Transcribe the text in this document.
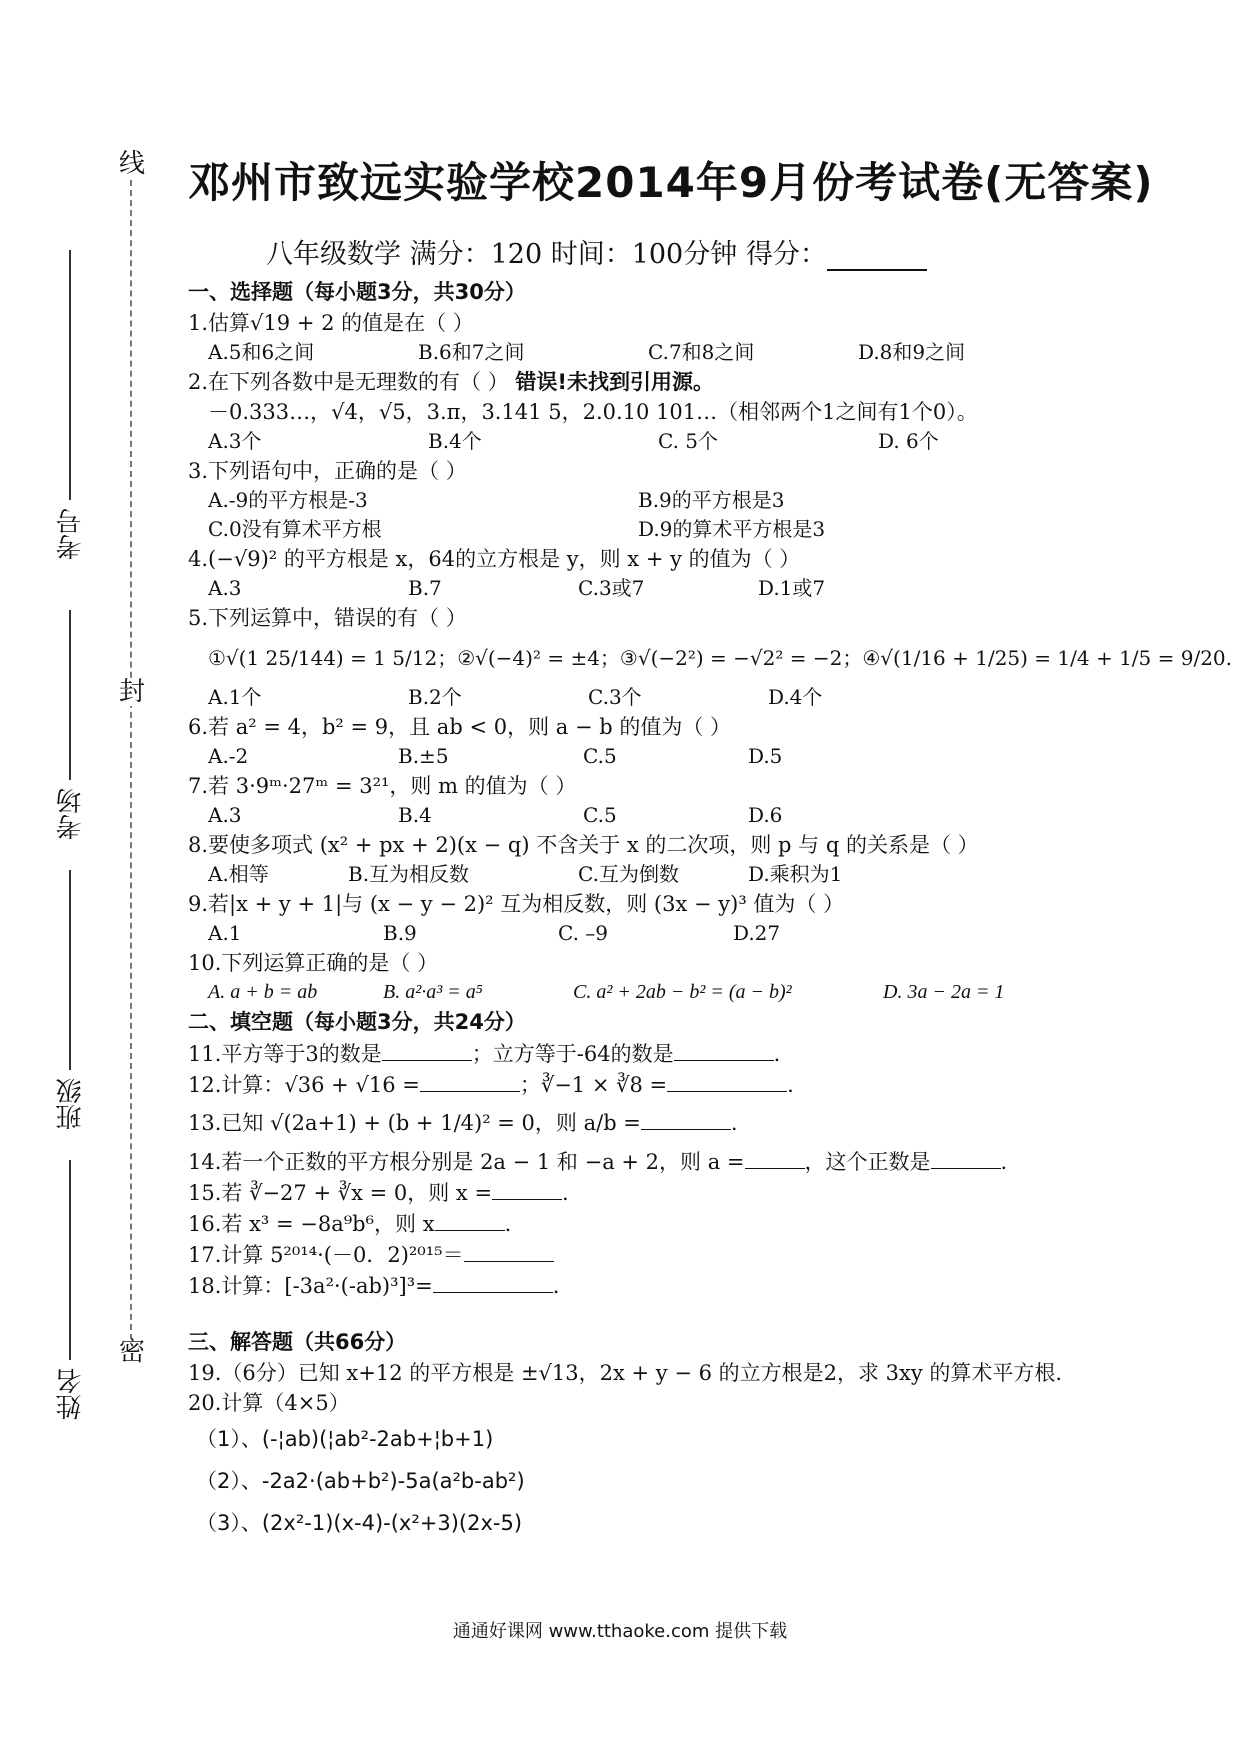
线
封
密
考号
考场
班级
姓名
邓州市致远实验学校2014年9月份考试卷(无答案)
八年级数学 满分：120 时间：100分钟 得分：
一、选择题（每小题3分，共30分）
1.估算√19 + 2 的值是在（ ）
A.5和6之间	B.6和7之间	C.7和8之间	D.8和9之间
2.在下列各数中是无理数的有（ ） 错误!未找到引用源。
－0.333…，√4，√5，3.π，3.141 5，2.0.10 101…（相邻两个1之间有1个0）。
A.3个	B.4个	C. 5个	D. 6个
3.下列语句中，正确的是（ ）
A.-9的平方根是-3	B.9的平方根是3
C.0没有算术平方根	D.9的算术平方根是3
4.(−√9)² 的平方根是 x，64的立方根是 y，则 x + y 的值为（ ）
A.3	B.7	C.3或7	D.1或7
5.下列运算中，错误的有（ ）
①√(1 25/144) = 1 5/12；②√(−4)² = ±4；③√(−2²) = −√2² = −2；④√(1/16 + 1/25) = 1/4 + 1/5 = 9/20.
A.1个	B.2个	C.3个	D.4个
6.若 a² = 4，b² = 9，且 ab < 0，则 a − b 的值为（ ）
A.-2	B.±5	C.5	D.5
7.若 3·9ᵐ·27ᵐ = 3²¹，则 m 的值为（ ）
A.3	B.4	C.5	D.6
8.要使多项式 (x² + px + 2)(x − q) 不含关于 x 的二次项，则 p 与 q 的关系是（ ）
A.相等	B.互为相反数	C.互为倒数	D.乘积为1
9.若|x + y + 1|与 (x − y − 2)² 互为相反数，则 (3x − y)³ 值为（ ）
A.1	B.9	C. –9	D.27
10.下列运算正确的是（ ）
A. a + b = ab	B. a²·a³ = a⁵	C. a² + 2ab − b² = (a − b)²	D. 3a − 2a = 1
二、填空题（每小题3分，共24分）
11.平方等于3的数是	；立方等于-64的数是	.
12.计算：√36 + √16 =	；∛−1 × ∛8 =	.
13.已知 √(2a+1) + (b + 1/4)² = 0，则 a/b =	.
14.若一个正数的平方根分别是 2a − 1 和 −a + 2，则 a =	，这个正数是	.
15.若 ∛−27 + ∛x = 0，则 x =	.
16.若 x³ = −8a⁹b⁶，则 x	.
17.计算 5²⁰¹⁴·(－0．2)²⁰¹⁵＝
18.计算：[-3a²·(-ab)³]³=	.
三、解答题（共66分）
19.（6分）已知 x+12 的平方根是 ±√13，2x + y − 6 的立方根是2，求 3xy 的算术平方根.
20.计算（4×5）
（1）、(-¦ab)(¦ab²-2ab+¦b+1)
（2）、-2a2·(ab+b²)-5a(a²b-ab²)
（3）、(2x²-1)(x-4)-(x²+3)(2x-5)
通通好课网 www.tthaoke.com 提供下载
